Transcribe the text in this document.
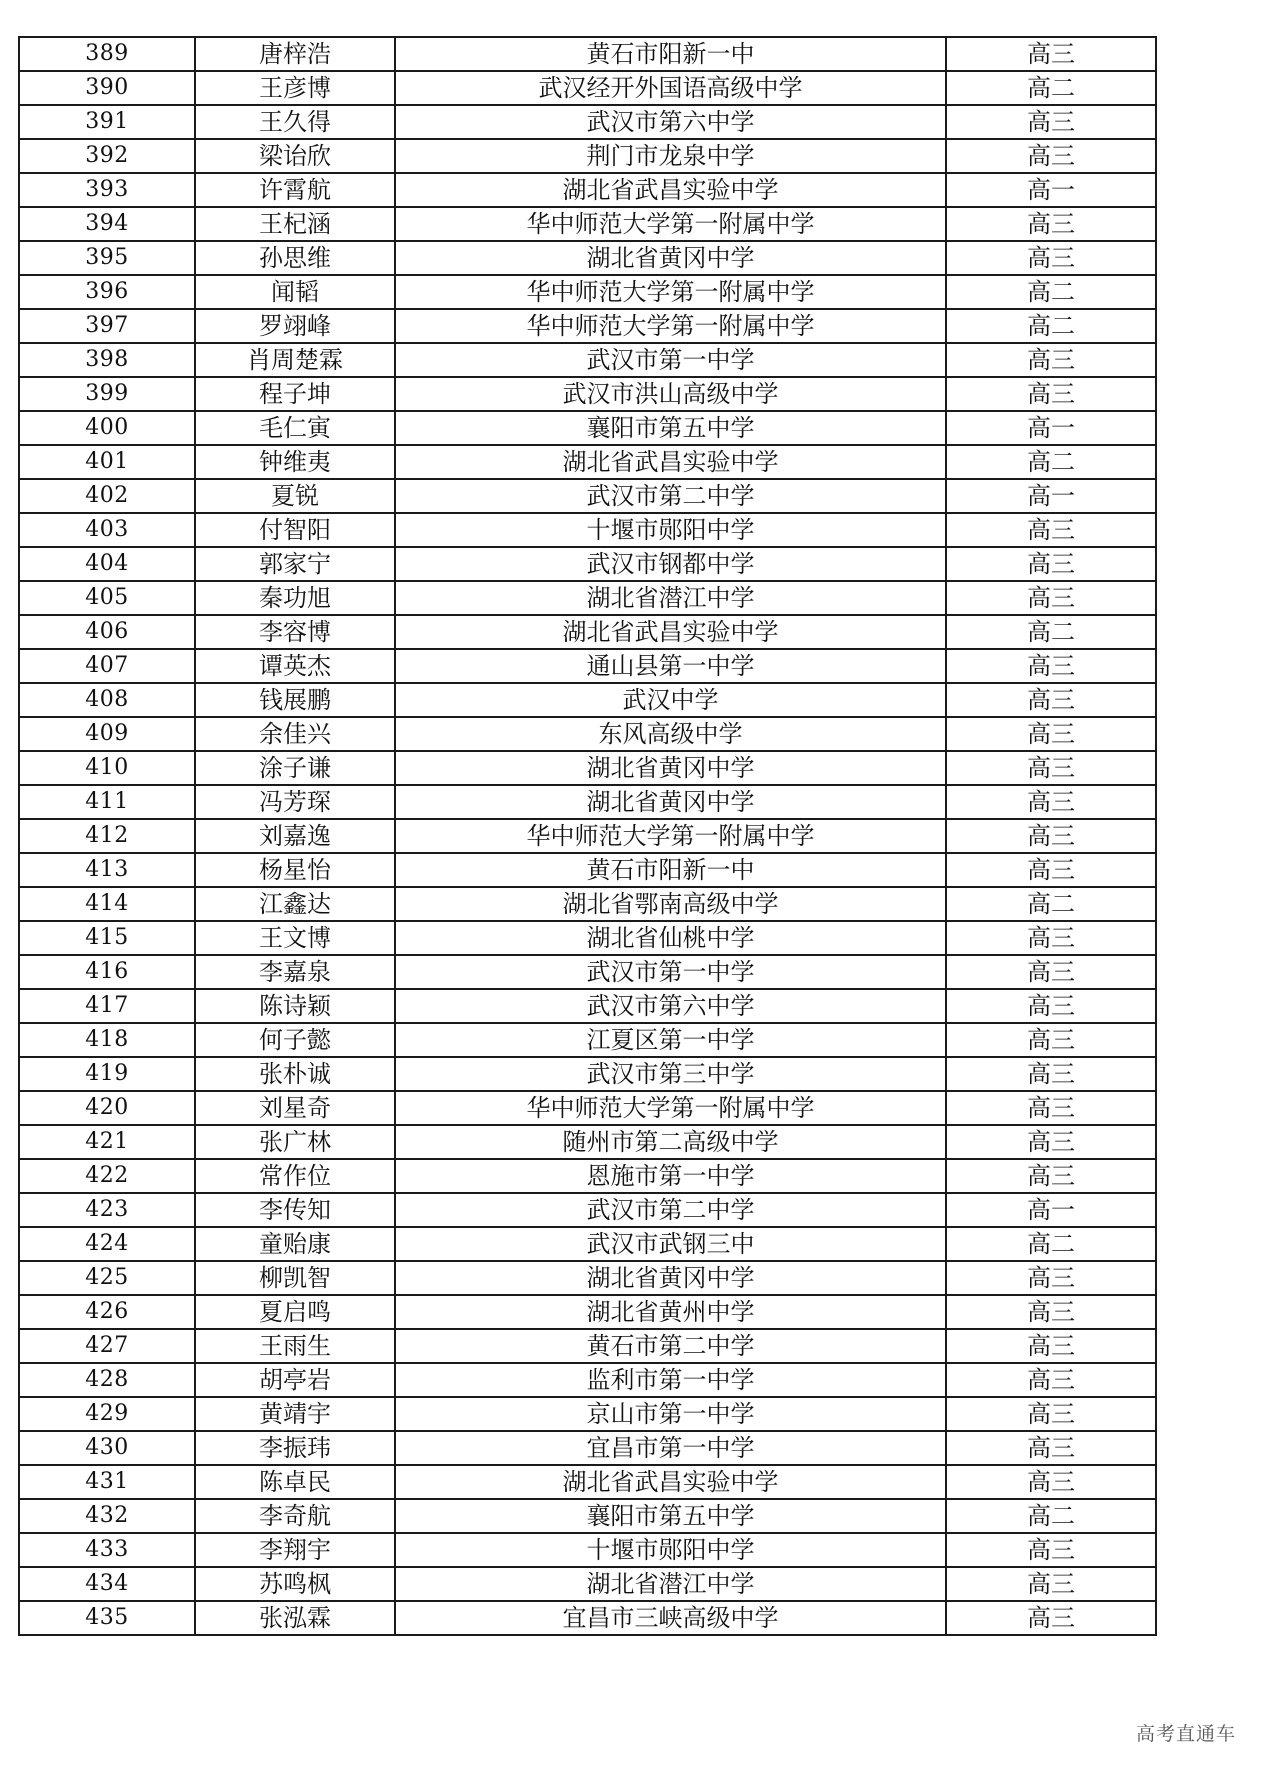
389	唐梓浩	黄石市阳新一中	高三
390	王彦博	武汉经开外国语高级中学	高二
391	王久得	武汉市第六中学	高三
392	梁诒欣	荆门市龙泉中学	高三
393	许霄航	湖北省武昌实验中学	高一
394	王杞涵	华中师范大学第一附属中学	高三
395	孙思维	湖北省黄冈中学	高三
396	闻韬	华中师范大学第一附属中学	高二
397	罗翊峰	华中师范大学第一附属中学	高二
398	肖周楚霖	武汉市第一中学	高三
399	程子坤	武汉市洪山高级中学	高三
400	毛仁寅	襄阳市第五中学	高一
401	钟维夷	湖北省武昌实验中学	高二
402	夏锐	武汉市第二中学	高一
403	付智阳	十堰市郧阳中学	高三
404	郭家宁	武汉市钢都中学	高三
405	秦功旭	湖北省潜江中学	高三
406	李容博	湖北省武昌实验中学	高二
407	谭英杰	通山县第一中学	高三
408	钱展鹏	武汉中学	高三
409	余佳兴	东风高级中学	高三
410	涂子谦	湖北省黄冈中学	高三
411	冯芳琛	湖北省黄冈中学	高三
412	刘嘉逸	华中师范大学第一附属中学	高三
413	杨星怡	黄石市阳新一中	高三
414	江鑫达	湖北省鄂南高级中学	高二
415	王文博	湖北省仙桃中学	高三
416	李嘉泉	武汉市第一中学	高三
417	陈诗颖	武汉市第六中学	高三
418	何子懿	江夏区第一中学	高三
419	张朴诚	武汉市第三中学	高三
420	刘星奇	华中师范大学第一附属中学	高三
421	张广林	随州市第二高级中学	高三
422	常作位	恩施市第一中学	高三
423	李传知	武汉市第二中学	高一
424	童贻康	武汉市武钢三中	高二
425	柳凯智	湖北省黄冈中学	高三
426	夏启鸣	湖北省黄州中学	高三
427	王雨生	黄石市第二中学	高三
428	胡亭岩	监利市第一中学	高三
429	黄靖宇	京山市第一中学	高三
430	李振玮	宜昌市第一中学	高三
431	陈卓民	湖北省武昌实验中学	高三
432	李奇航	襄阳市第五中学	高二
433	李翔宇	十堰市郧阳中学	高三
434	苏鸣枫	湖北省潜江中学	高三
435	张泓霖	宜昌市三峡高级中学	高三
高考直通车
